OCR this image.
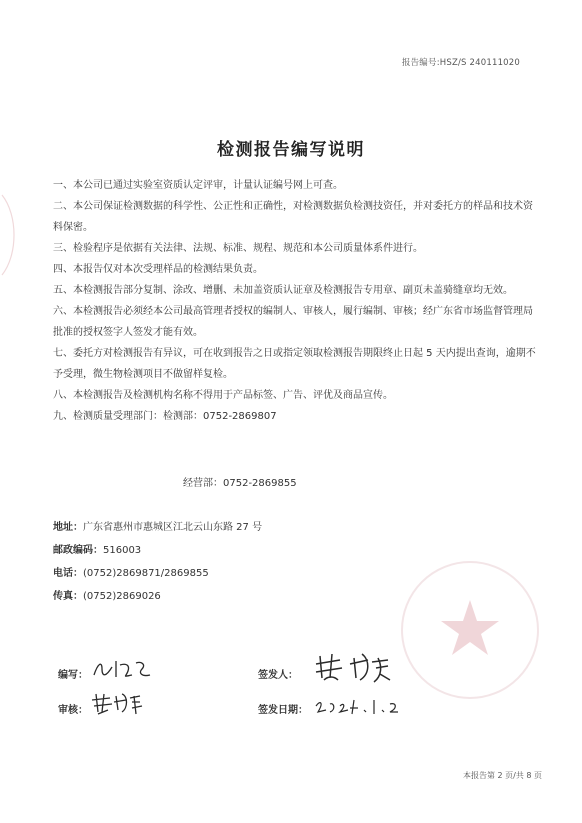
报告编号:HSZ/S 240111020
检测报告编写说明

一、本公司已通过实验室资质认定评审，计量认证编号网上可查。

二、本公司保证检测数据的科学性、公正性和正确性，对检测数据负检测技资任，并对委托方的样品和技术资料保密。

三、检验程序是依据有关法律、法规、标准、规程、规范和本公司质量体系件进行。

四、本报告仅对本次受理样品的检测结果负责。

五、本检测报告部分复制、涂改、增删、未加盖资质认证章及检测报告专用章、副页未盖骑缝章均无效。

六、本检测报告必须经本公司最高管理者授权的编制人、审核人，履行编制、审核；经广东省市场监督管理局批准的授权签字人签发才能有效。

七、委托方对检测报告有异议，可在收到报告之日或指定领取检测报告期限终止日起 5 天内提出查询，逾期不予受理，微生物检测项目不做留样复检。

八、本检测报告及检测机构名称不得用于产品标签、广告、评优及商品宣传。

九、检测质量受理部门：检测部：0752-2869807

经营部：0752-2869855
地址：广东省惠州市惠城区江北云山东路 27 号
邮政编码：516003
电话：(0752)2869871/2869855
传真：(0752)2869026
编写：
审核：
签发人：
签发日期：
本报告第 2 页/共 8 页
